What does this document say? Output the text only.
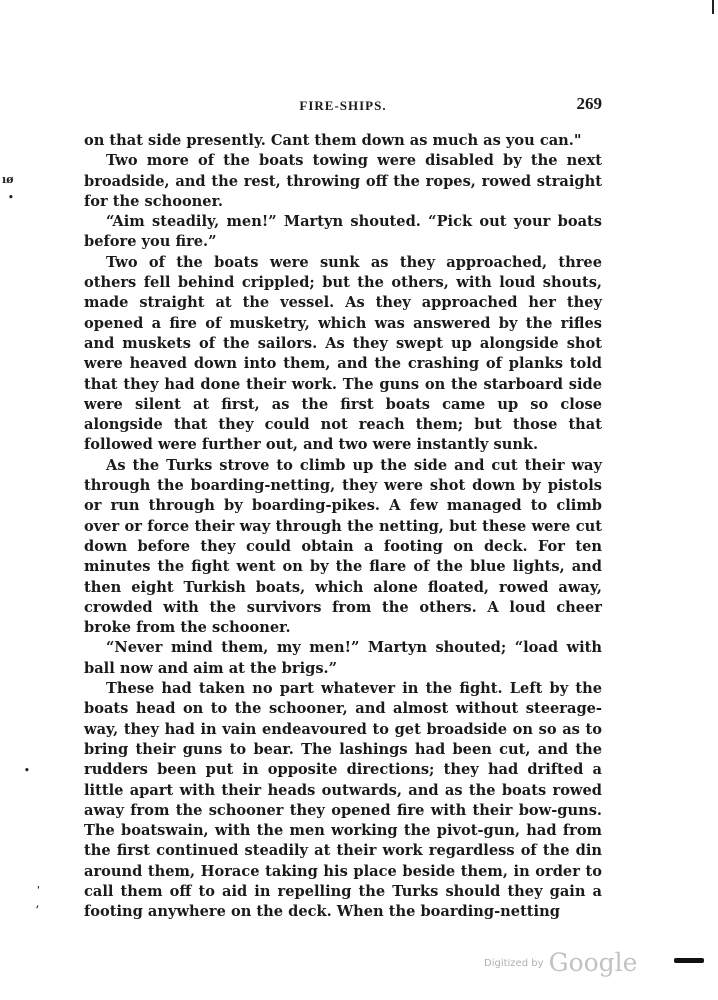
FIRE-SHIPS.	269
ıø
•
•
'
,

on that side presently. Cant them down as much as you can."

Two more of the boats towing were disabled by the next broadside, and the rest, throwing off the ropes, rowed straight for the schooner.

“Aim steadily, men!” Martyn shouted. “Pick out your boats before you fire.”

Two of the boats were sunk as they approached, three others fell behind crippled; but the others, with loud shouts, made straight at the vessel. As they approached her they opened a fire of musketry, which was answered by the rifles and muskets of the sailors. As they swept up alongside shot were heaved down into them, and the crashing of planks told that they had done their work. The guns on the starboard side were silent at first, as the first boats came up so close alongside that they could not reach them; but those that followed were further out, and two were instantly sunk.

As the Turks strove to climb up the side and cut their way through the boarding-netting, they were shot down by pistols or run through by boarding-pikes. A few managed to climb over or force their way through the netting, but these were cut down before they could obtain a footing on deck. For ten minutes the fight went on by the flare of the blue lights, and then eight Turkish boats, which alone floated, rowed away, crowded with the survivors from the others. A loud cheer broke from the schooner.

“Never mind them, my men!” Martyn shouted; “load with ball now and aim at the brigs.”

These had taken no part whatever in the fight. Left by the boats head on to the schooner, and almost without steerage-way, they had in vain endeavoured to get broadside on so as to bring their guns to bear. The lashings had been cut, and the rudders been put in opposite directions; they had drifted a little apart with their heads outwards, and as the boats rowed away from the schooner they opened fire with their bow-guns. The boatswain, with the men working the pivot-gun, had from the first continued steadily at their work regardless of the din around them, Horace taking his place beside them, in order to call them off to aid in repelling the Turks should they gain a footing anywhere on the deck. When the boarding-netting

$^{Digitized by}$ Google
